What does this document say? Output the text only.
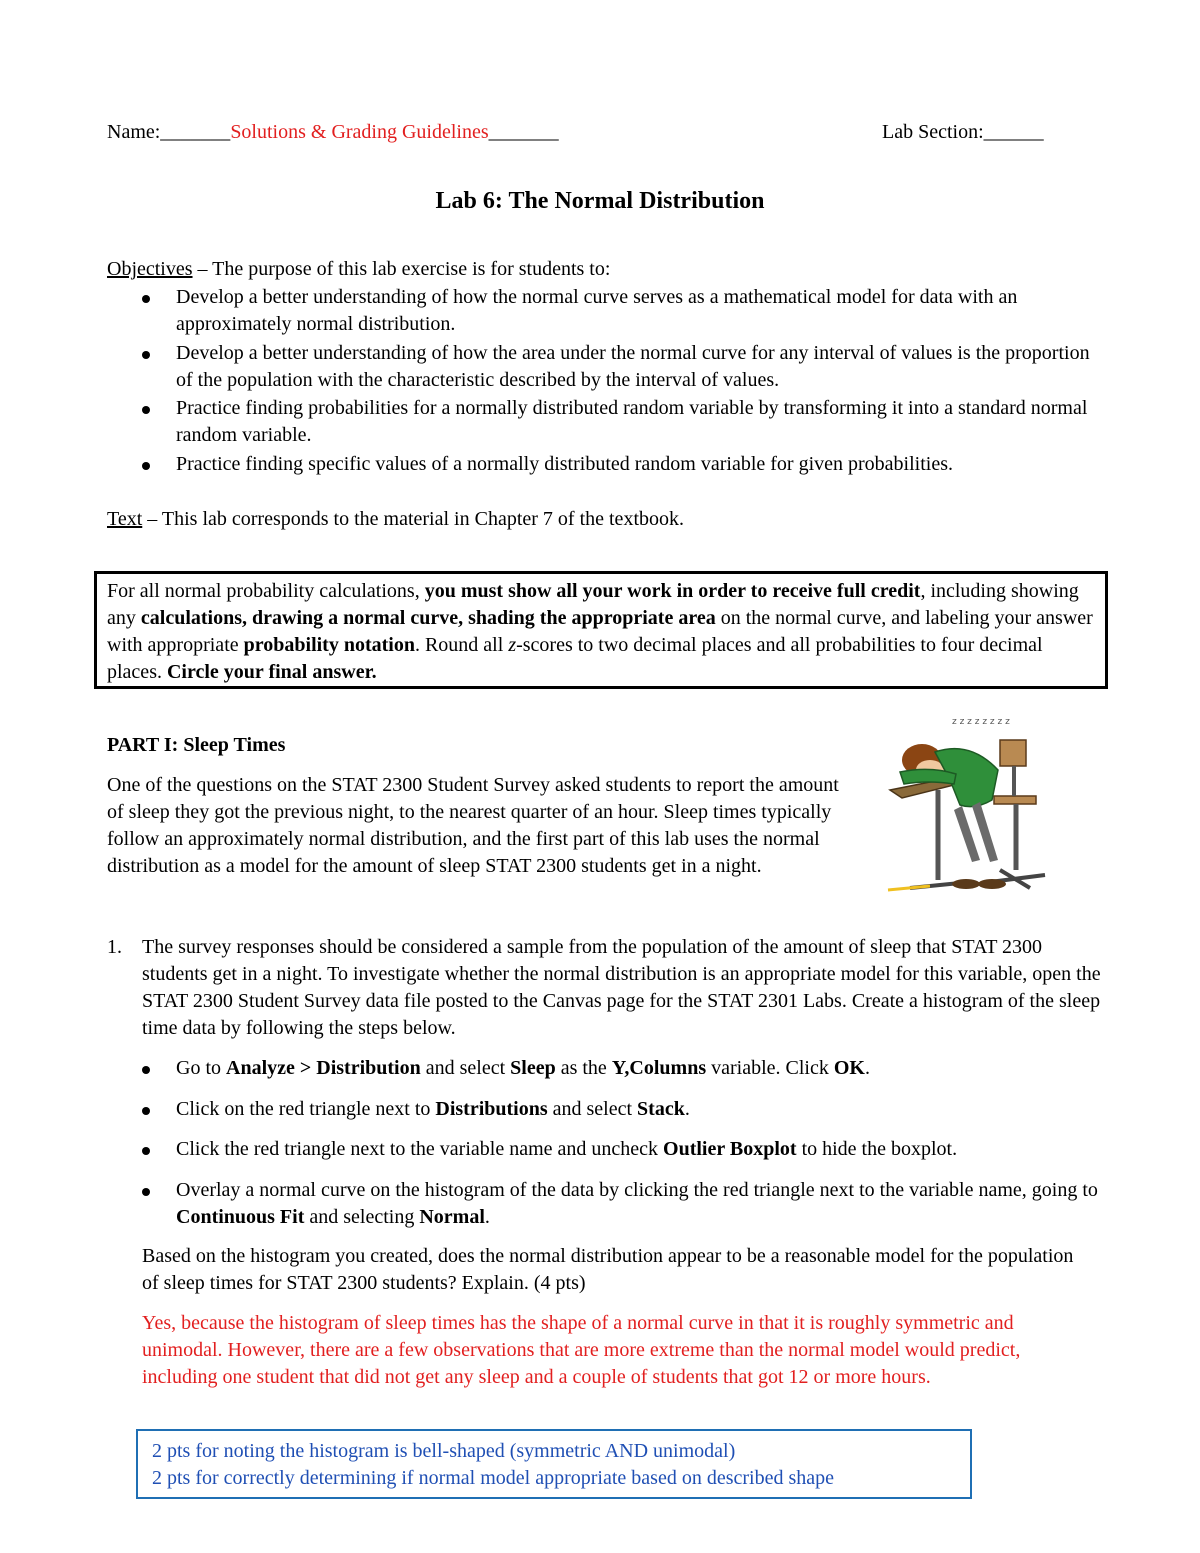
Name:_______Solutions & Grading Guidelines_______	Lab Section:______
Lab 6: The Normal Distribution
Objectives – The purpose of this lab exercise is for students to:
Develop a better understanding of how the normal curve serves as a mathematical model for data with an approximately normal distribution.
Develop a better understanding of how the area under the normal curve for any interval of values is the proportion of the population with the characteristic described by the interval of values.
Practice finding probabilities for a normally distributed random variable by transforming it into a standard normal random variable.
Practice finding specific values of a normally distributed random variable for given probabilities.
Text – This lab corresponds to the material in Chapter 7 of the textbook.
For all normal probability calculations, you must show all your work in order to receive full credit, including showing any calculations, drawing a normal curve, shading the appropriate area on the normal curve, and labeling your answer with appropriate probability notation. Round all z-scores to two decimal places and all probabilities to four decimal places. Circle your final answer.
PART I: Sleep Times
One of the questions on the STAT 2300 Student Survey asked students to report the amount of sleep they got the previous night, to the nearest quarter of an hour. Sleep times typically follow an approximately normal distribution, and the first part of this lab uses the normal distribution as a model for the amount of sleep STAT 2300 students get in a night.
z z z z z z z z
1. The survey responses should be considered a sample from the population of the amount of sleep that STAT 2300 students get in a night. To investigate whether the normal distribution is an appropriate model for this variable, open the STAT 2300 Student Survey data file posted to the Canvas page for the STAT 2301 Labs. Create a histogram of the sleep time data by following the steps below.
Go to Analyze > Distribution and select Sleep as the Y,Columns variable. Click OK.
Click on the red triangle next to Distributions and select Stack.
Click the red triangle next to the variable name and uncheck Outlier Boxplot to hide the boxplot.
Overlay a normal curve on the histogram of the data by clicking the red triangle next to the variable name, going to Continuous Fit and selecting Normal.
Based on the histogram you created, does the normal distribution appear to be a reasonable model for the population of sleep times for STAT 2300 students? Explain. (4 pts)
Yes, because the histogram of sleep times has the shape of a normal curve in that it is roughly symmetric and unimodal. However, there are a few observations that are more extreme than the normal model would predict, including one student that did not get any sleep and a couple of students that got 12 or more hours.
2 pts for noting the histogram is bell-shaped (symmetric AND unimodal)
2 pts for correctly determining if normal model appropriate based on described shape
